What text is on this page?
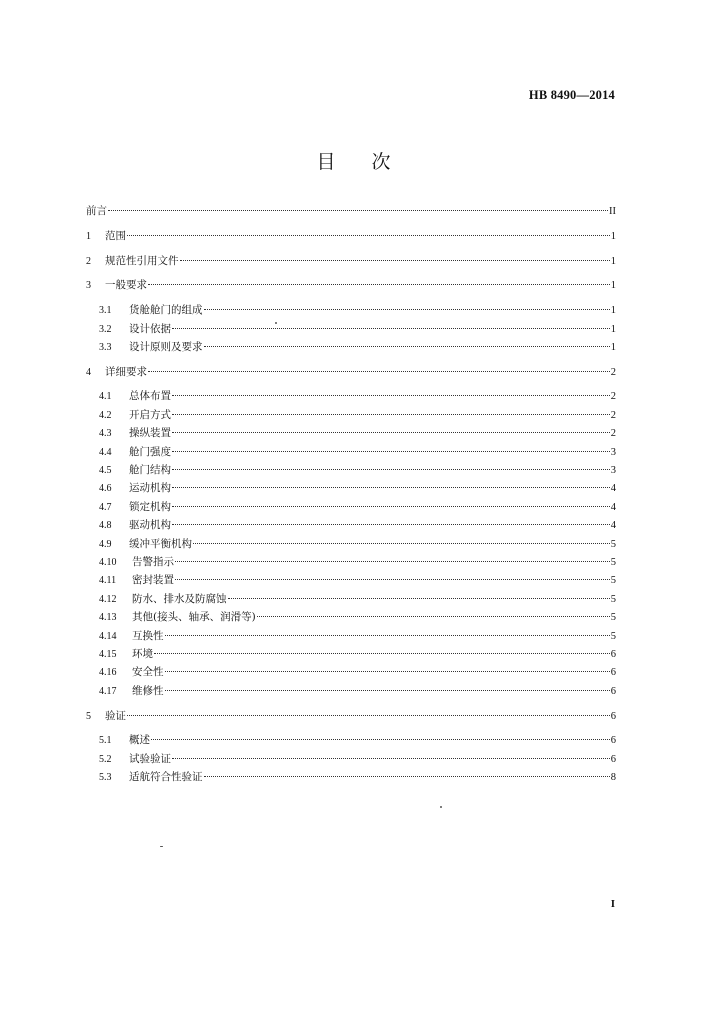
HB 8490—2014
目 次
前言	II
1	范围	1
2	规范性引用文件	1
3	一般要求	1
3.1	货舱舱门的组成	1
3.2	设计依据	1
3.3	设计原则及要求	1
4	详细要求	2
4.1	总体布置	2
4.2	开启方式	2
4.3	操纵装置	2
4.4	舱门强度	3
4.5	舱门结构	3
4.6	运动机构	4
4.7	锁定机构	4
4.8	驱动机构	4
4.9	缓冲平衡机构	5
4.10	告警指示	5
4.11	密封装置	5
4.12	防水、排水及防腐蚀	5
4.13	其他(接头、轴承、润滑等)	5
4.14	互换性	5
4.15	环境	6
4.16	安全性	6
4.17	维修性	6
5	验证	6
5.1	概述	6
5.2	试验验证	6
5.3	适航符合性验证	8
I
